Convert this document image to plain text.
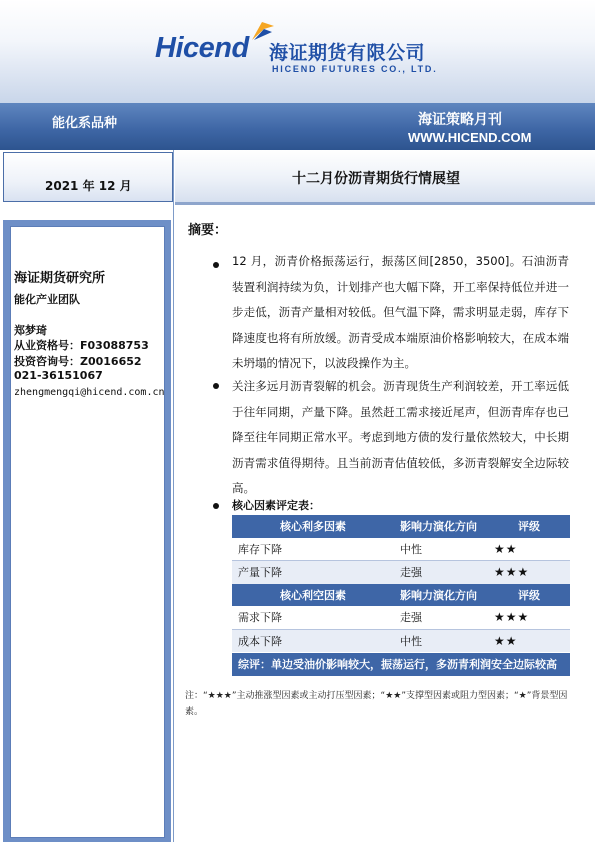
Hicend 海证期货有限公司
HICEND FUTURES CO., LTD.
能化系品种	海证策略月刊
WWW.HICEND.COM
2021 年 12 月	十二月份沥青期货行情展望
海证期货研究所
能化产业团队
郑梦琦
从业资格号：F03088753
投资咨询号：Z0016652
021-36151067
zhengmengqi@hicend.com.cn
摘要：
12 月，沥青价格振荡运行，振荡区间[2850，3500]。石油沥青装置利润持续为负，计划排产也大幅下降，开工率保持低位并进一步走低，沥青产量相对较低。但气温下降，需求明显走弱，库存下降速度也将有所放缓。沥青受成本端原油价格影响较大，在成本端未坍塌的情况下，以波段操作为主。
关注多远月沥青裂解的机会。沥青现货生产利润较差，开工率远低于往年同期，产量下降。虽然赶工需求接近尾声，但沥青库存也已降至往年同期正常水平。考虑到地方债的发行量依然较大，中长期沥青需求值得期待。且当前沥青估值较低，多沥青裂解安全边际较高。
核心因素评定表：
核心利多因素	影响力演化方向	评级
库存下降	中性	★★
产量下降	走强	★★★
核心利空因素	影响力演化方向	评级
需求下降	走强	★★★
成本下降	中性	★★
综评：单边受油价影响较大，振荡运行，多沥青利润安全边际较高
注：“★★★”主动推涨型因素或主动打压型因素；“★★”支撑型因素或阻力型因素；“★”背景型因素。
